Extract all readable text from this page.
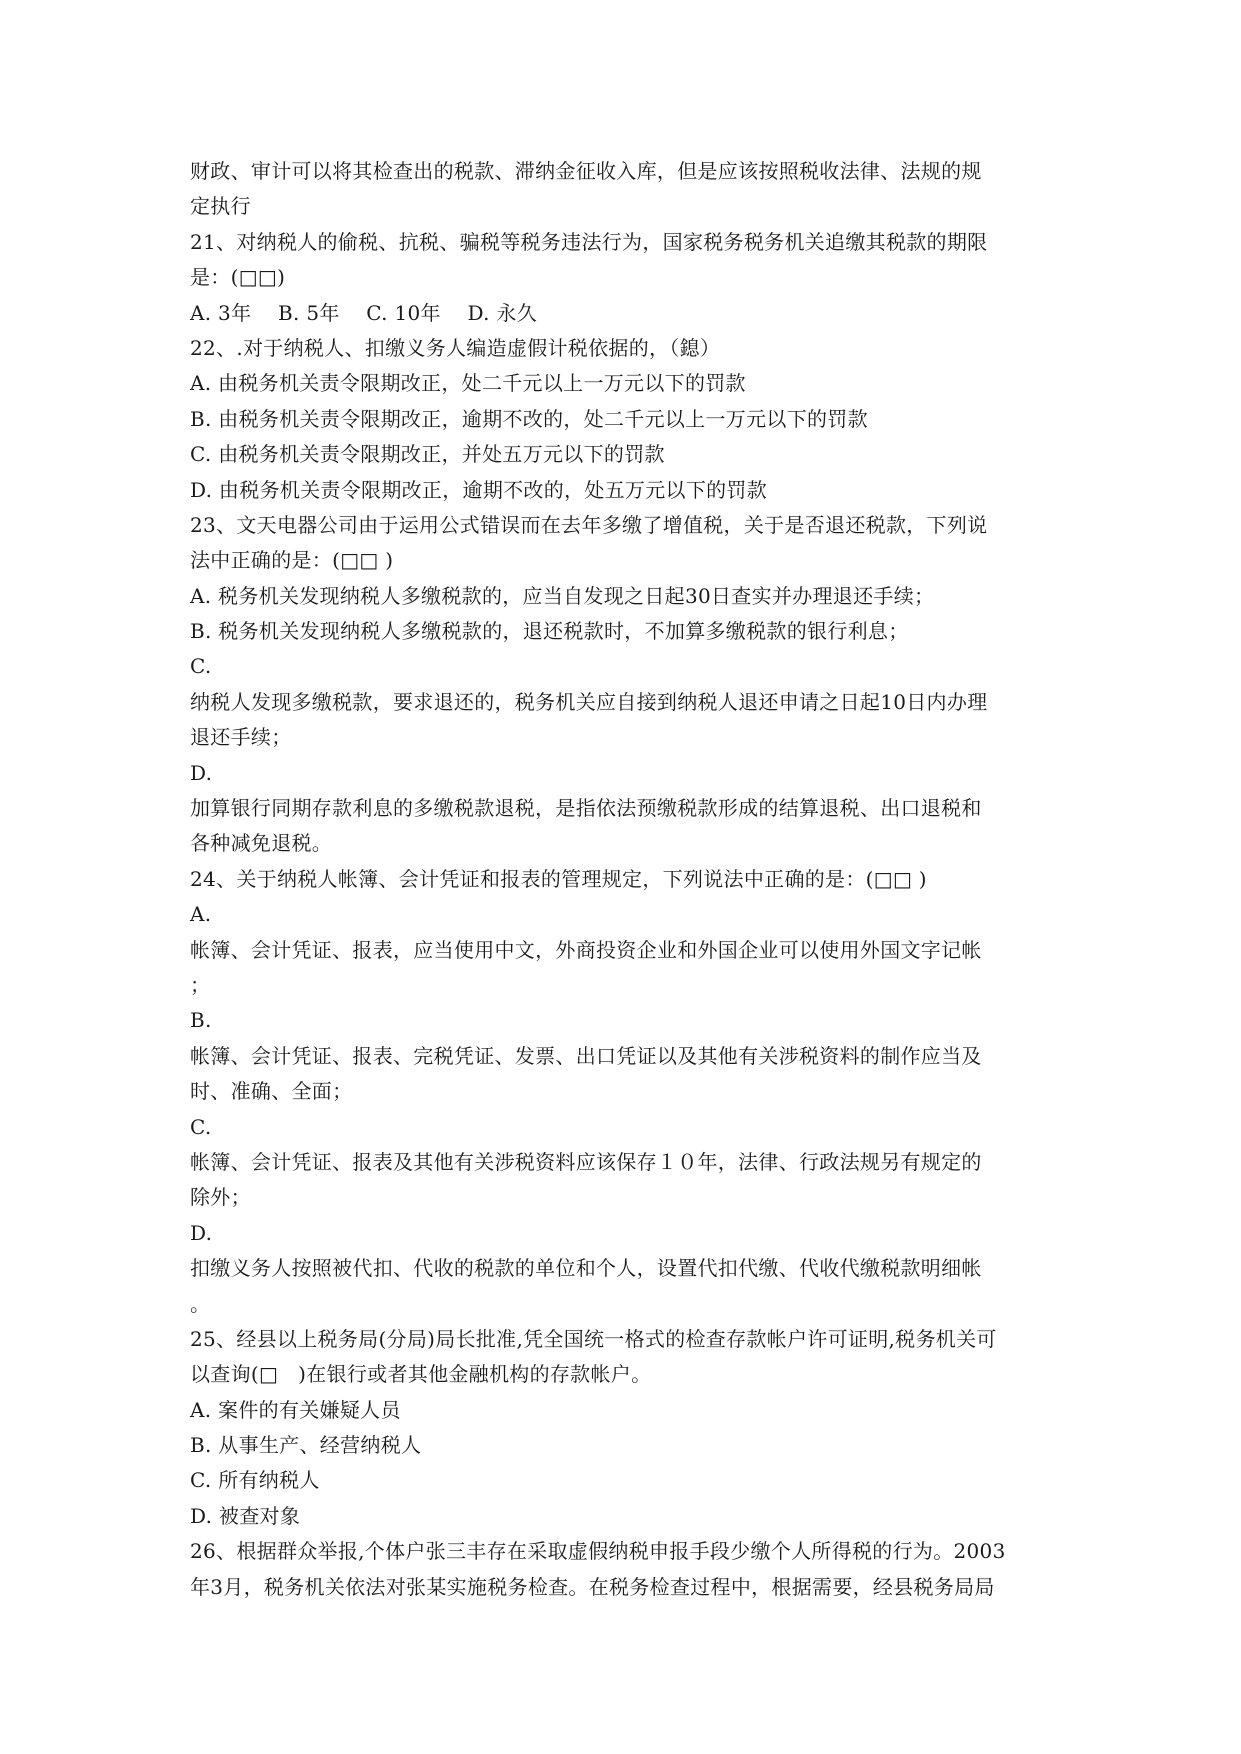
财政、审计可以将其检查出的税款、滞纳金征收入库，但是应该按照税收法律、法规的规
定执行
21、对纳税人的偷税、抗税、骗税等税务违法行为，国家税务税务机关追缴其税款的期限
是：(□□)
A. 3年    B. 5年    C. 10年    D. 永久
22、.对于纳税人、扣缴义务人编造虚假计税依据的，（鎴）
A. 由税务机关责令限期改正，处二千元以上一万元以下的罚款
B. 由税务机关责令限期改正，逾期不改的，处二千元以上一万元以下的罚款
C. 由税务机关责令限期改正，并处五万元以下的罚款
D. 由税务机关责令限期改正，逾期不改的，处五万元以下的罚款
23、文天电器公司由于运用公式错误而在去年多缴了增值税，关于是否退还税款，下列说
法中正确的是：(□□ )
A. 税务机关发现纳税人多缴税款的，应当自发现之日起30日查实并办理退还手续；
B. 税务机关发现纳税人多缴税款的，退还税款时，不加算多缴税款的银行利息；
C.
纳税人发现多缴税款，要求退还的，税务机关应自接到纳税人退还申请之日起10日内办理
退还手续；
D.
加算银行同期存款利息的多缴税款退税，是指依法预缴税款形成的结算退税、出口退税和
各种减免退税。
24、关于纳税人帐簿、会计凭证和报表的管理规定，下列说法中正确的是：(□□ )
A.
帐簿、会计凭证、报表，应当使用中文，外商投资企业和外国企业可以使用外国文字记帐
；
B.
帐簿、会计凭证、报表、完税凭证、发票、出口凭证以及其他有关涉税资料的制作应当及
时、准确、全面；
C.
帐簿、会计凭证、报表及其他有关涉税资料应该保存１０年，法律、行政法规另有规定的
除外；
D.
扣缴义务人按照被代扣、代收的税款的单位和个人，设置代扣代缴、代收代缴税款明细帐
。
25、经县以上税务局(分局)局长批准,凭全国统一格式的检查存款帐户许可证明,税务机关可
以查询(□   )在银行或者其他金融机构的存款帐户。
A. 案件的有关嫌疑人员
B. 从事生产、经营纳税人
C. 所有纳税人
D. 被查对象
26、根据群众举报,个体户张三丰存在采取虚假纳税申报手段少缴个人所得税的行为。2003
年3月，税务机关依法对张某实施税务检查。在税务检查过程中，根据需要，经县税务局局
